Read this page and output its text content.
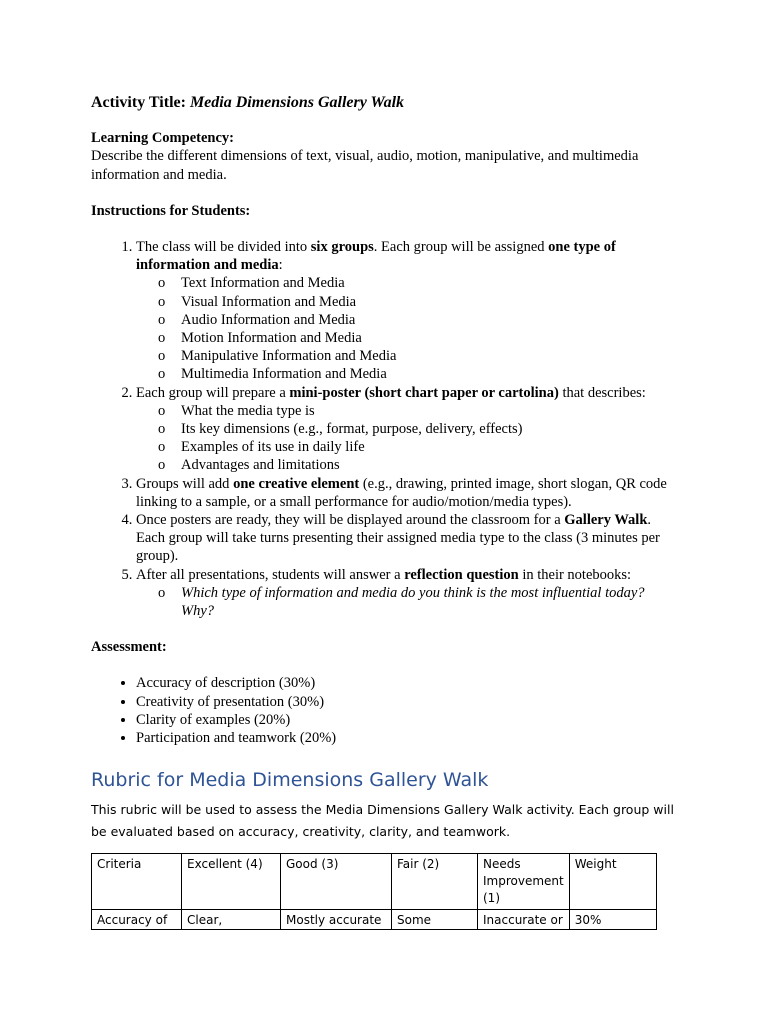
Activity Title: Media Dimensions Gallery Walk

Learning Competency:

Describe the different dimensions of text, visual, audio, motion, manipulative, and multimedia information and media.

Instructions for Students:

1. The class will be divided into six groups. Each group will be assigned one type of information and media:
o Text Information and Media
o Visual Information and Media
o Audio Information and Media
o Motion Information and Media
o Manipulative Information and Media
o Multimedia Information and Media
2. Each group will prepare a mini-poster (short chart paper or cartolina) that describes:
o What the media type is
o Its key dimensions (e.g., format, purpose, delivery, effects)
o Examples of its use in daily life
o Advantages and limitations
3. Groups will add one creative element (e.g., drawing, printed image, short slogan, QR code linking to a sample, or a small performance for audio/motion/media types).
4. Once posters are ready, they will be displayed around the classroom for a Gallery Walk. Each group will take turns presenting their assigned media type to the class (3 minutes per group).
5. After all presentations, students will answer a reflection question in their notebooks:
o Which type of information and media do you think is the most influential today? Why?

Assessment:

• Accuracy of description (30%)
• Creativity of presentation (30%)
• Clarity of examples (20%)
• Participation and teamwork (20%)
Rubric for Media Dimensions Gallery Walk

This rubric will be used to assess the Media Dimensions Gallery Walk activity. Each group will be evaluated based on accuracy, creativity, clarity, and teamwork.

Criteria	Excellent (4)	Good (3)	Fair (2)	Needs Improvement (1)	Weight
Accuracy of	Clear,	Mostly accurate	Some	Inaccurate or	30%
